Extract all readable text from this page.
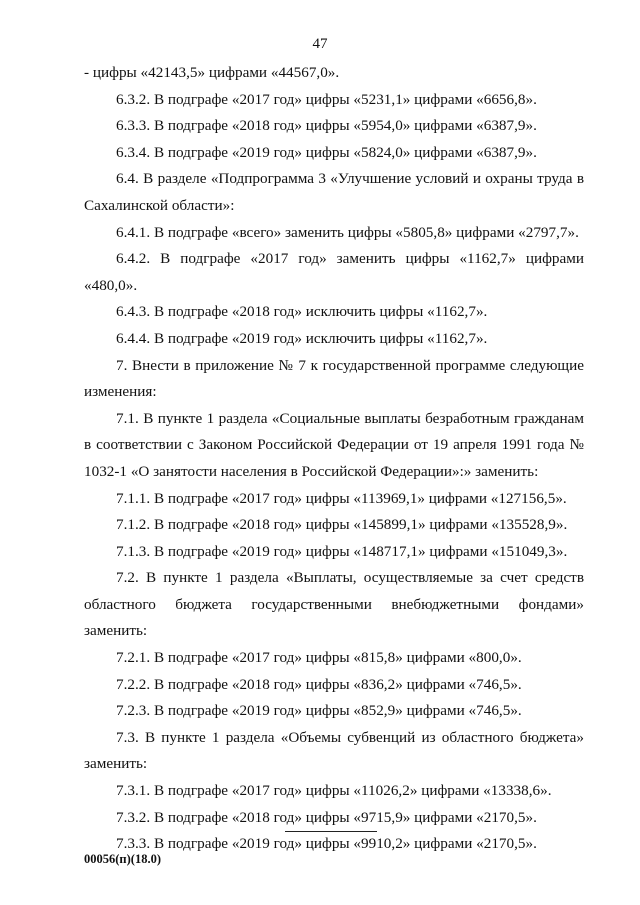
47

- цифры «42143,5» цифрами «44567,0».

6.3.2. В подграфе «2017 год» цифры «5231,1» цифрами «6656,8».

6.3.3. В подграфе «2018 год» цифры «5954,0» цифрами «6387,9».

6.3.4. В подграфе «2019 год» цифры «5824,0» цифрами «6387,9».

6.4. В разделе «Подпрограмма 3 «Улучшение условий и охраны труда в Сахалинской области»:

6.4.1. В подграфе «всего» заменить цифры «5805,8» цифрами «2797,7».

6.4.2. В подграфе «2017 год» заменить цифры «1162,7» цифрами «480,0».

6.4.3. В подграфе «2018 год» исключить цифры «1162,7».

6.4.4. В подграфе «2019 год» исключить цифры «1162,7».

7. Внести в приложение № 7 к государственной программе следующие изменения:

7.1. В пункте 1 раздела «Социальные выплаты безработным гражданам в соответствии с Законом Российской Федерации от 19 апреля 1991 года № 1032-1 «О занятости населения в Российской Федерации»:» заменить:

7.1.1. В подграфе «2017 год» цифры «113969,1» цифрами «127156,5».

7.1.2. В подграфе «2018 год» цифры «145899,1» цифрами «135528,9».

7.1.3. В подграфе «2019 год» цифры «148717,1» цифрами «151049,3».

7.2. В пункте 1 раздела «Выплаты, осуществляемые за счет средств областного бюджета государственными внебюджетными фондами» заменить:

7.2.1. В подграфе «2017 год» цифры «815,8» цифрами «800,0».

7.2.2. В подграфе «2018 год» цифры «836,2» цифрами «746,5».

7.2.3. В подграфе «2019 год» цифры «852,9» цифрами «746,5».

7.3. В пункте 1 раздела «Объемы субвенций из областного бюджета» заменить:

7.3.1. В подграфе «2017 год» цифры «11026,2» цифрами «13338,6».

7.3.2. В подграфе «2018 год» цифры «9715,9» цифрами «2170,5».

7.3.3. В подграфе «2019 год» цифры «9910,2» цифрами «2170,5».

00056(п)(18.0)
